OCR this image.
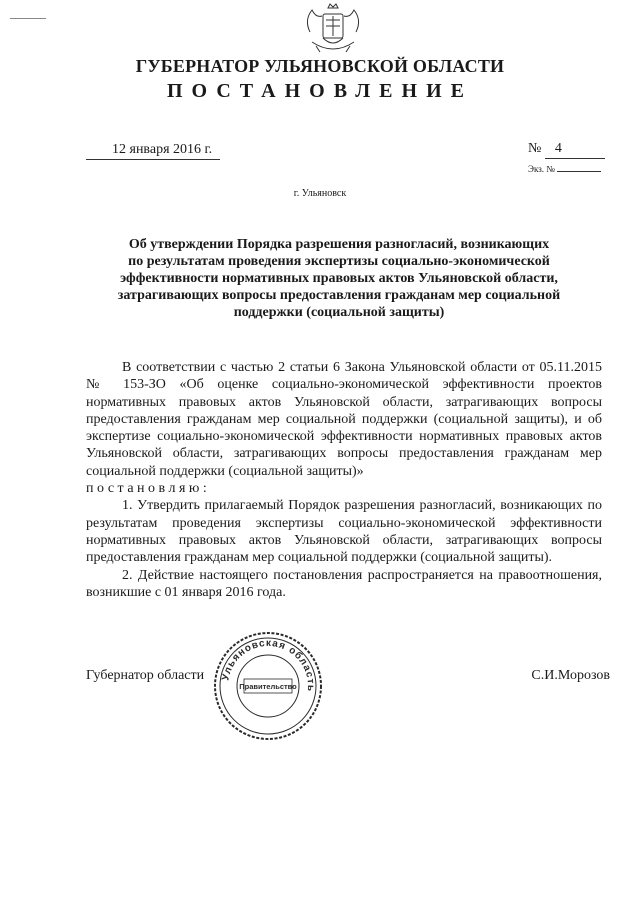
ГУБЕРНАТОР УЛЬЯНОВСКОЙ ОБЛАСТИ
ПОСТАНОВЛЕНИЕ
12 января 2016 г.	№ 4
Экз. №
г. Ульяновск
Об утверждении Порядка разрешения разногласий, возникающих
по результатам проведения экспертизы социально-экономической
эффективности нормативных правовых актов Ульяновской области,
затрагивающих вопросы предоставления гражданам мер социальной
поддержки (социальной защиты)

В соответствии с частью 2 статьи 6 Закона Ульяновской области от 05.11.2015 № 153-ЗО «Об оценке социально-экономической эффективности проектов нормативных правовых актов Ульяновской области, затрагивающих вопросы предоставления гражданам мер социальной поддержки (социальной защиты), и об экспертизе социально-экономической эффективности нормативных правовых актов Ульяновской области, затрагивающих вопросы предоставления гражданам мер социальной поддержки (социальной защиты)»

постановляю:

1. Утвердить прилагаемый Порядок разрешения разногласий, возникающих по результатам проведения экспертизы социально-экономической эффективности нормативных правовых актов Ульяновской области, затрагивающих вопросы предоставления гражданам мер социальной поддержки (социальной защиты).

2. Действие настоящего постановления распространяется на правоотношения, возникшие с 01 января 2016 года.

Губернатор области	С.И.Морозов
Ульяновская область
Правительство
